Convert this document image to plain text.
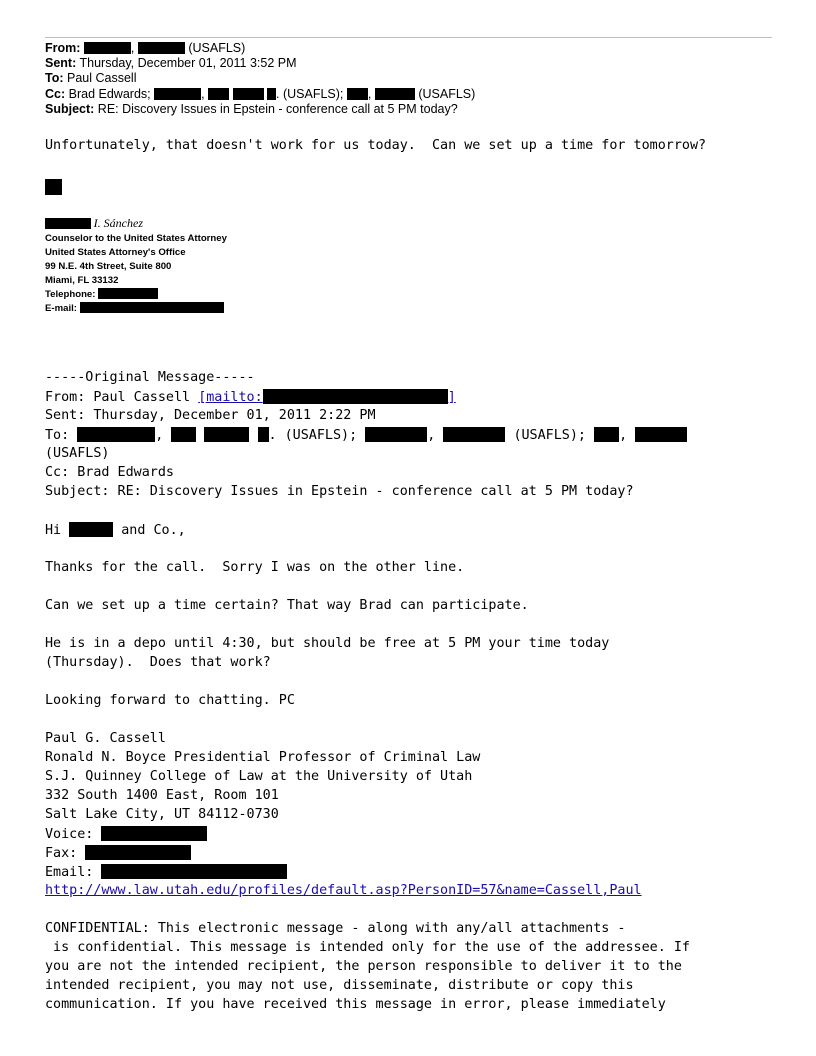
From:	,	(USAFLS)
Sent: Thursday, December 01, 2011 3:52 PM
To: Paul Cassell
Cc: Brad Edwards;	,	. (USAFLS); ,	(USAFLS)
Subject: RE: Discovery Issues in Epstein - conference call at 5 PM today?
Unfortunately, that doesn't work for us today.  Can we set up a time for tomorrow?
I. Sánchez
Counselor to the United States Attorney
United States Attorney's Office
99 N.E. 4th Street, Suite 800
Miami, FL 33132
Telephone:
E-mail:

-----Original Message-----

From: Paul Cassell [mailto:	]

Sent: Thursday, December 01, 2011 2:22 PM

To:	,	. (USAFLS);	,	(USAFLS); ,

(USAFLS)

Cc: Brad Edwards

Subject: RE: Discovery Issues in Epstein - conference call at 5 PM today?

Hi	and Co.,

Thanks for the call.  Sorry I was on the other line.

Can we set up a time certain? That way Brad can participate.

He is in a depo until 4:30, but should be free at 5 PM your time today

(Thursday).  Does that work?

Looking forward to chatting. PC

Paul G. Cassell

Ronald N. Boyce Presidential Professor of Criminal Law

S.J. Quinney College of Law at the University of Utah

332 South 1400 East, Room 101

Salt Lake City, UT 84112-0730

Voice:

Fax:

Email:

http://www.law.utah.edu/profiles/default.asp?PersonID=57&name=Cassell,Paul

CONFIDENTIAL: This electronic message - along with any/all attachments -

is confidential. This message is intended only for the use of the addressee. If

you are not the intended recipient, the person responsible to deliver it to the

intended recipient, you may not use, disseminate, distribute or copy this

communication. If you have received this message in error, please immediately
